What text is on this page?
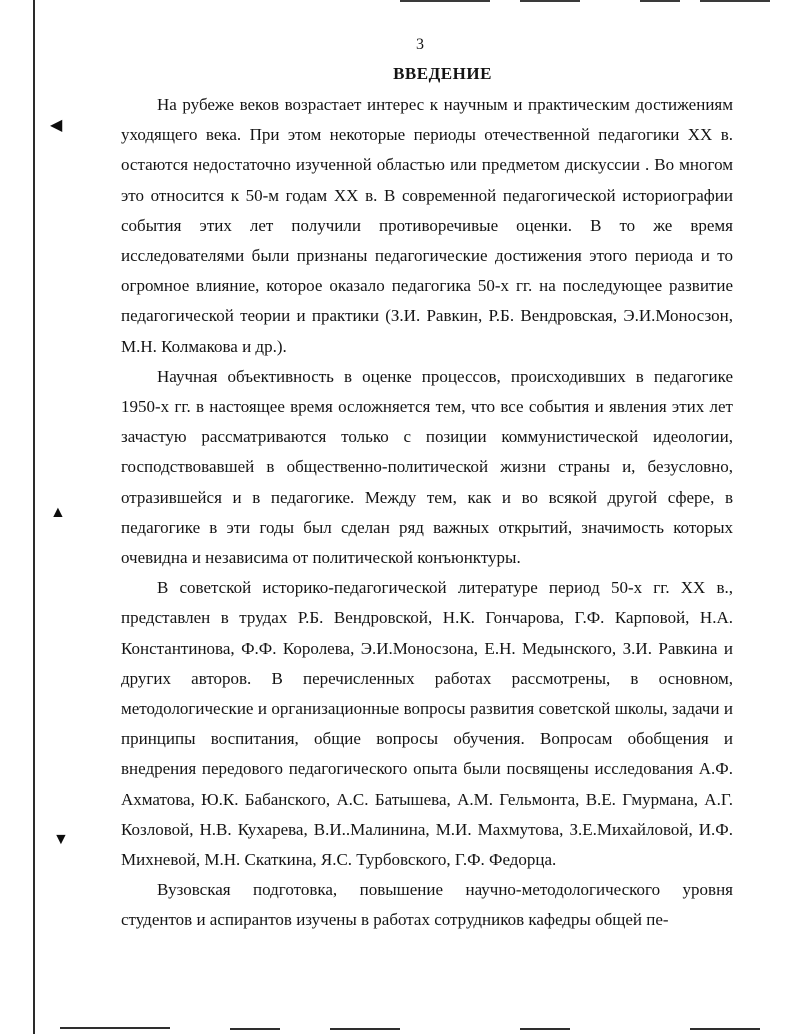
◀
▲
▼
3
ВВЕДЕНИЕ

На рубеже веков возрастает интерес к научным и практическим достижениям уходящего века. При этом некоторые периоды отечественной педагогики XX в. остаются недостаточно изученной областью или предметом дискуссии . Во многом это относится к 50-м годам XX в. В современной педагогической историографии события этих лет получили противоречивые оценки. В то же время исследователями были признаны педагогические достижения этого периода и то огромное влияние, которое оказало педагогика 50-х гг. на последующее развитие педагогической теории и практики (З.И. Равкин, Р.Б. Вендровская, Э.И.Моносзон, М.Н. Колмакова и др.).

Научная объективность в оценке процессов, происходивших в педагогике 1950-х гг. в настоящее время осложняется тем, что все события и явления этих лет зачастую рассматриваются только с позиции коммунистической идеологии, господствовавшей в общественно-политической жизни страны и, безусловно, отразившейся и в педагогике. Между тем, как и во всякой другой сфере, в педагогике в эти годы был сделан ряд важных открытий, значимость которых очевидна и независима от политической конъюнктуры.

В советской историко-педагогической литературе период 50-х гг. XX в., представлен в трудах Р.Б. Вендровской, Н.К. Гончарова, Г.Ф. Карповой, Н.А. Константинова, Ф.Ф. Королева, Э.И.Моносзона, Е.Н. Медынского, З.И. Равкина и других авторов. В перечисленных работах рассмотрены, в основном, методологические и организационные вопросы развития советской школы, задачи и принципы воспитания, общие вопросы обучения. Вопросам обобщения и внедрения передового педагогического опыта были посвящены исследования А.Ф. Ахматова, Ю.К. Бабанского, А.С. Батышева, А.М. Гельмонта, В.Е. Гмурмана, А.Г. Козловой, Н.В. Кухарева, В.И..Малинина, М.И. Махмутова, З.Е.Михайловой, И.Ф. Михневой, М.Н. Скаткина, Я.С. Турбовского, Г.Ф. Федорца.

Вузовская подготовка, повышение научно-методологического уровня студентов и аспирантов изучены в работах сотрудников кафедры общей пе-
